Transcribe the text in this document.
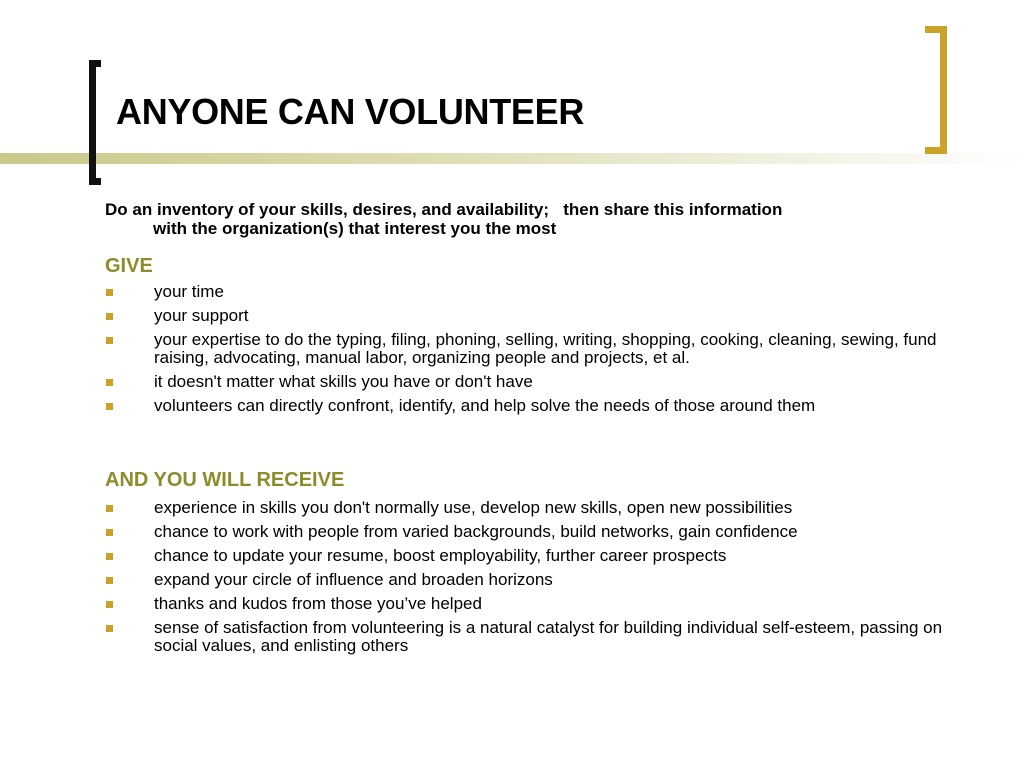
ANYONE CAN VOLUNTEER
Do an inventory of your skills, desires, and availability;   then share this information
with the organization(s) that interest you the most
GIVE
your time
your support
your expertise to do the typing, filing, phoning, selling, writing, shopping, cooking, cleaning, sewing, fund raising, advocating, manual labor, organizing people and projects, et al.
it doesn't matter what skills you have or don't have
volunteers can directly confront, identify, and help solve the needs of those around them
AND YOU WILL RECEIVE
experience in skills you don't normally use, develop new skills, open new possibilities
chance to work with people from varied backgrounds, build networks, gain confidence
chance to update your resume, boost employability, further career prospects
expand your circle of influence and broaden horizons
thanks and kudos from those you’ve helped
sense of satisfaction from volunteering is a natural catalyst for building individual self-esteem, passing on social values, and enlisting others
